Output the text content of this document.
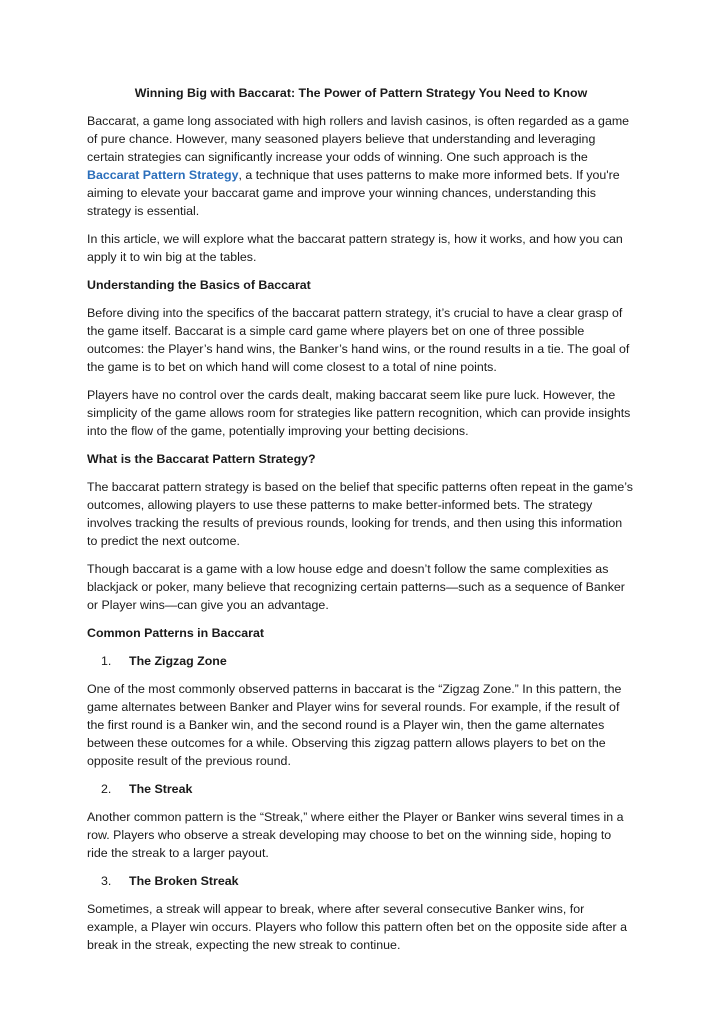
Winning Big with Baccarat: The Power of Pattern Strategy You Need to Know

Baccarat, a game long associated with high rollers and lavish casinos, is often regarded as a game of pure chance. However, many seasoned players believe that understanding and leveraging certain strategies can significantly increase your odds of winning. One such approach is the Baccarat Pattern Strategy, a technique that uses patterns to make more informed bets. If you're aiming to elevate your baccarat game and improve your winning chances, understanding this strategy is essential.

In this article, we will explore what the baccarat pattern strategy is, how it works, and how you can apply it to win big at the tables.

Understanding the Basics of Baccarat

Before diving into the specifics of the baccarat pattern strategy, it’s crucial to have a clear grasp of the game itself. Baccarat is a simple card game where players bet on one of three possible outcomes: the Player’s hand wins, the Banker’s hand wins, or the round results in a tie. The goal of the game is to bet on which hand will come closest to a total of nine points.

Players have no control over the cards dealt, making baccarat seem like pure luck. However, the simplicity of the game allows room for strategies like pattern recognition, which can provide insights into the flow of the game, potentially improving your betting decisions.

What is the Baccarat Pattern Strategy?

The baccarat pattern strategy is based on the belief that specific patterns often repeat in the game’s outcomes, allowing players to use these patterns to make better-informed bets. The strategy involves tracking the results of previous rounds, looking for trends, and then using this information to predict the next outcome.

Though baccarat is a game with a low house edge and doesn’t follow the same complexities as blackjack or poker, many believe that recognizing certain patterns—such as a sequence of Banker or Player wins—can give you an advantage.

Common Patterns in Baccarat
1. The Zigzag Zone

One of the most commonly observed patterns in baccarat is the “Zigzag Zone.” In this pattern, the game alternates between Banker and Player wins for several rounds. For example, if the result of the first round is a Banker win, and the second round is a Player win, then the game alternates between these outcomes for a while. Observing this zigzag pattern allows players to bet on the opposite result of the previous round.

2. The Streak

Another common pattern is the “Streak,” where either the Player or Banker wins several times in a row. Players who observe a streak developing may choose to bet on the winning side, hoping to ride the streak to a larger payout.

3. The Broken Streak

Sometimes, a streak will appear to break, where after several consecutive Banker wins, for example, a Player win occurs. Players who follow this pattern often bet on the opposite side after a break in the streak, expecting the new streak to continue.
